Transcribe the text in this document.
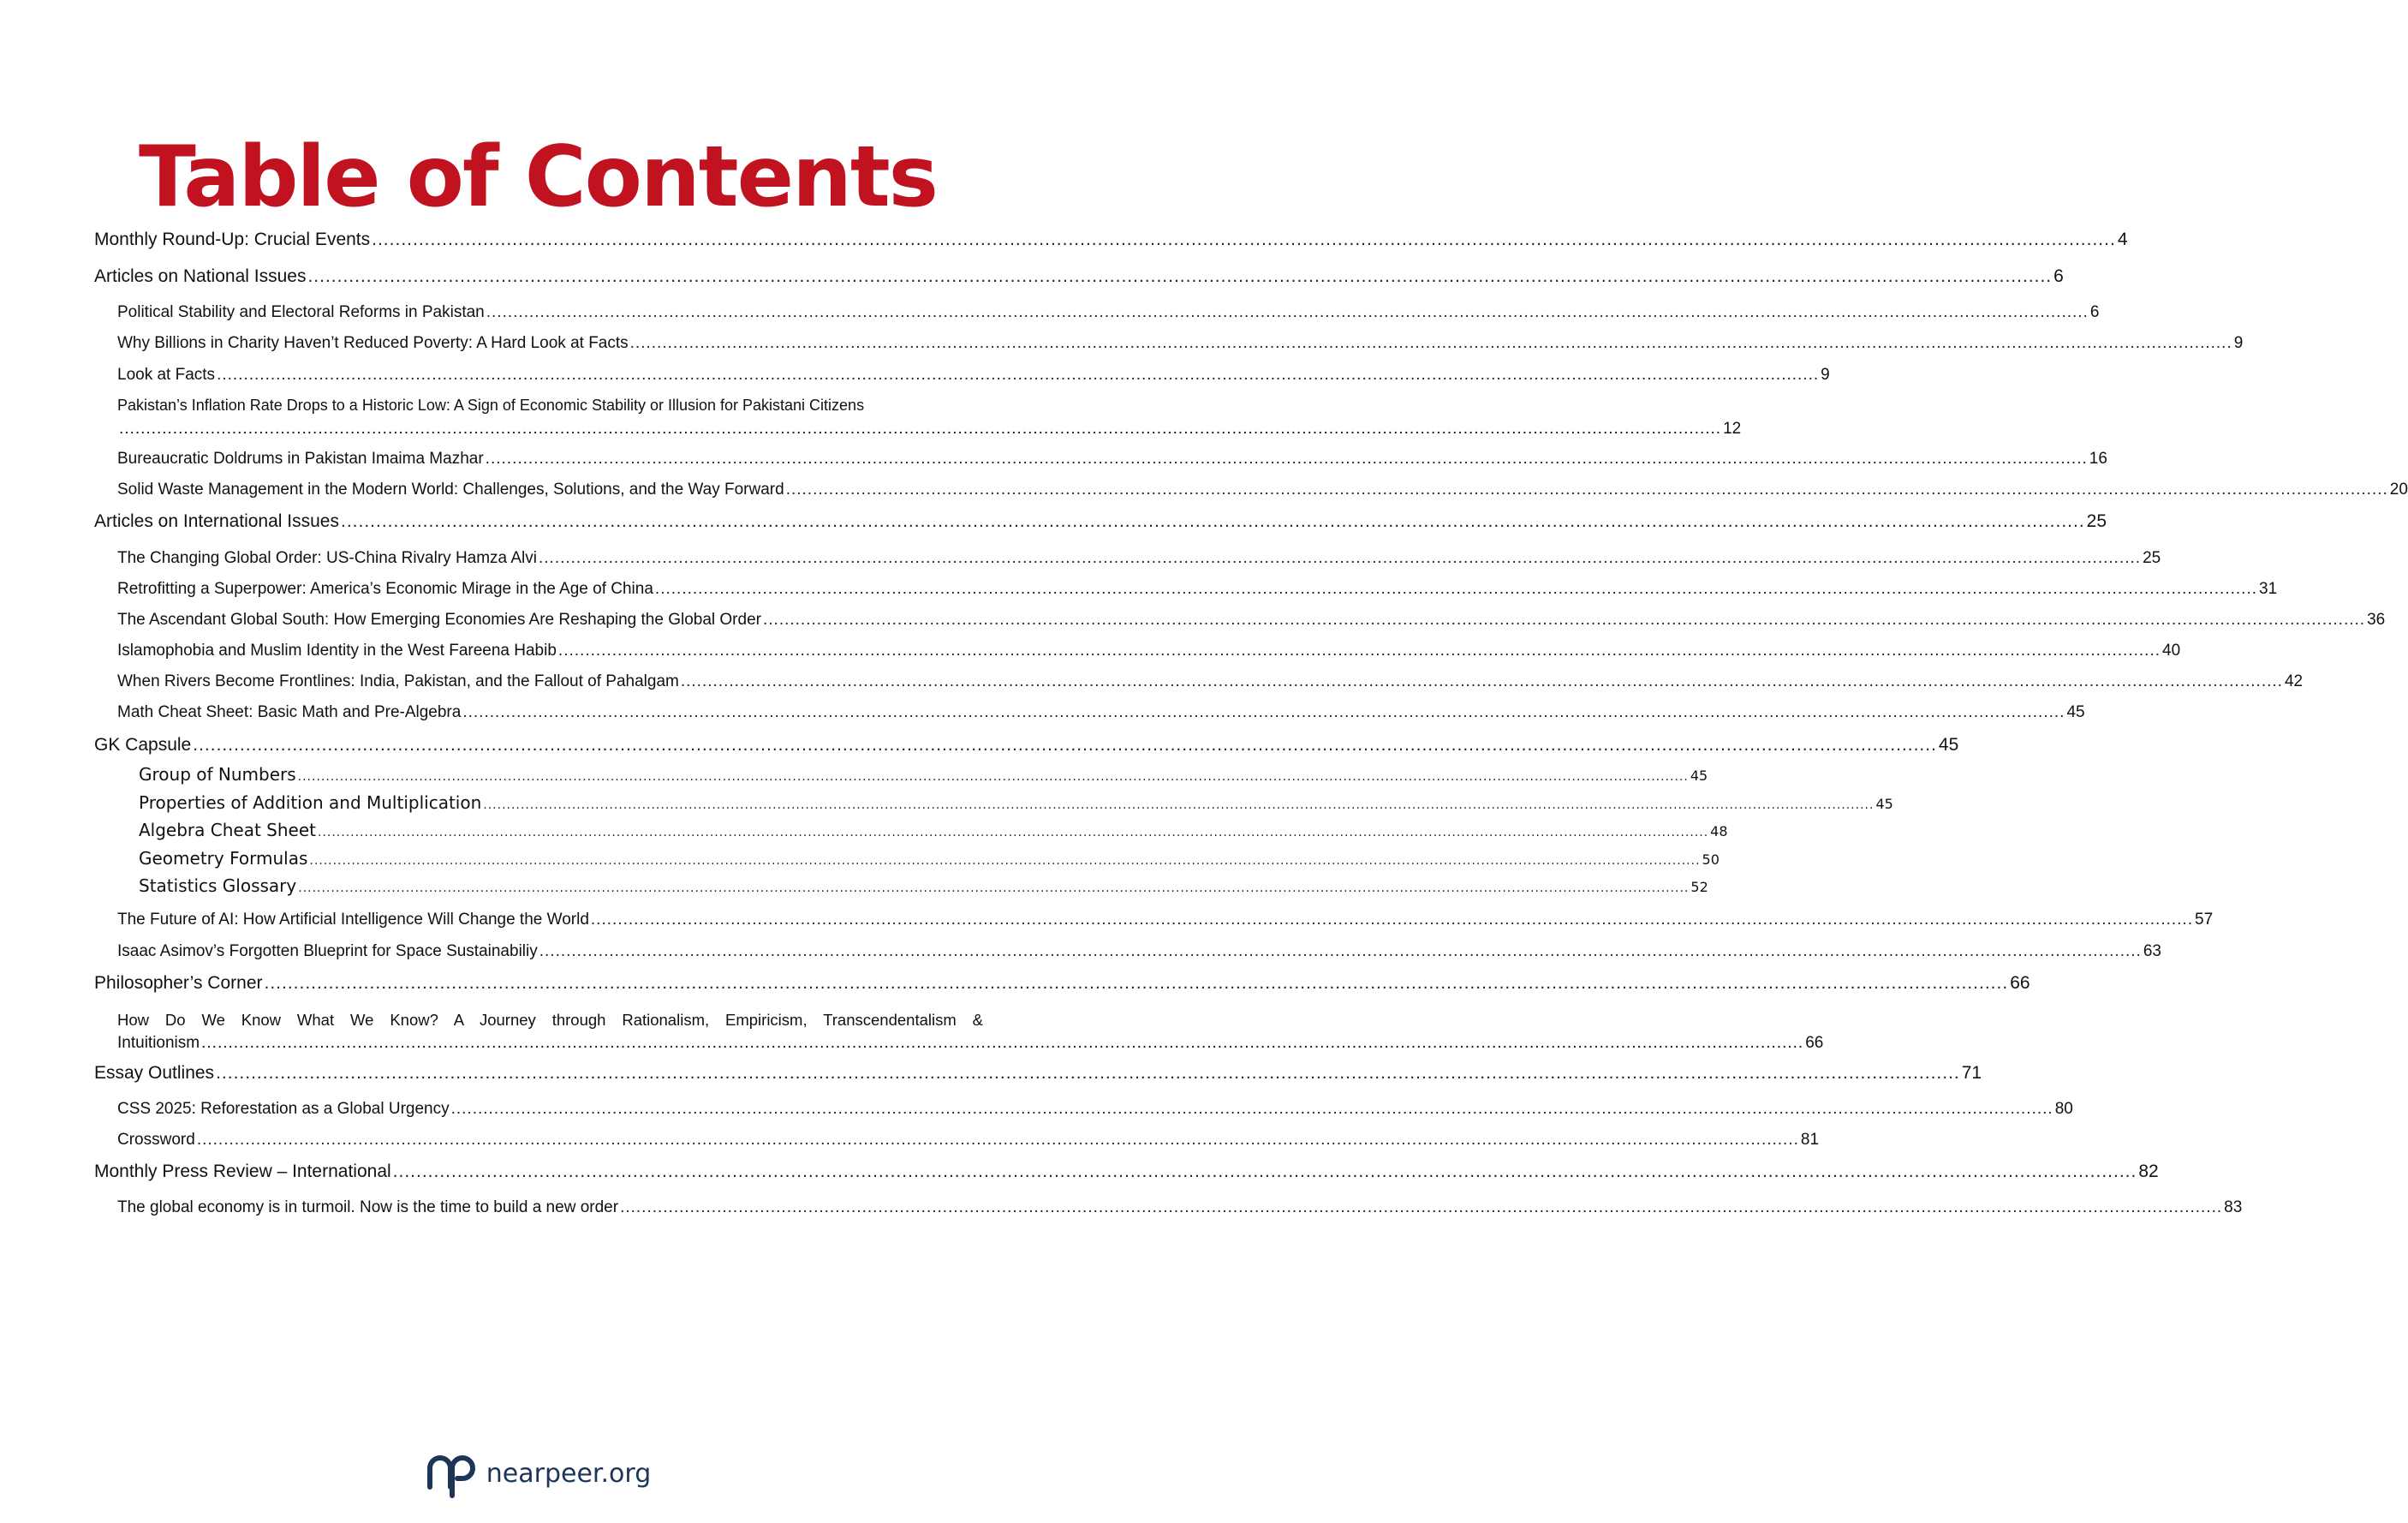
Table of Contents
Monthly Round-Up: Crucial Events .......................................................................................................................................................................................................................................................................................................... 4
Articles on National Issues .......................................................................................................................................................................................................................................................................................................... 6
Political Stability and Electoral Reforms in Pakistan .......................................................................................................................................................................................................................................................................................................... 6
Why Billions in Charity Haven’t Reduced Poverty: A Hard Look at Facts .......................................................................................................................................................................................................................................................................................................... 9
Look at Facts .......................................................................................................................................................................................................................................................................................................... 9
Pakistan’s Inflation Rate Drops to a Historic Low: A Sign of Economic Stability or Illusion for Pakistani Citizens
.......................................................................................................................................................................................................................................................................................................... 12
Bureaucratic Doldrums in Pakistan Imaima Mazhar .......................................................................................................................................................................................................................................................................................................... 16
Solid Waste Management in the Modern World: Challenges, Solutions, and the Way Forward .......................................................................................................................................................................................................................................................................................................... 20
Articles on International Issues .......................................................................................................................................................................................................................................................................................................... 25
The Changing Global Order: US-China Rivalry Hamza Alvi .......................................................................................................................................................................................................................................................................................................... 25
Retrofitting a Superpower: America’s Economic Mirage in the Age of China .......................................................................................................................................................................................................................................................................................................... 31
The Ascendant Global South: How Emerging Economies Are Reshaping the Global Order .......................................................................................................................................................................................................................................................................................................... 36
Islamophobia and Muslim Identity in the West Fareena Habib .......................................................................................................................................................................................................................................................................................................... 40
When Rivers Become Frontlines: India, Pakistan, and the Fallout of Pahalgam .......................................................................................................................................................................................................................................................................................................... 42
Math Cheat Sheet: Basic Math and Pre-Algebra .......................................................................................................................................................................................................................................................................................................... 45
GK Capsule .......................................................................................................................................................................................................................................................................................................... 45
Group of Numbers .......................................................................................................................................................................................................................................................................................................... 45
Properties of Addition and Multiplication .......................................................................................................................................................................................................................................................................................................... 45
Algebra Cheat Sheet .......................................................................................................................................................................................................................................................................................................... 48
Geometry Formulas .......................................................................................................................................................................................................................................................................................................... 50
Statistics Glossary .......................................................................................................................................................................................................................................................................................................... 52
The Future of AI: How Artificial Intelligence Will Change the World .......................................................................................................................................................................................................................................................................................................... 57
Isaac Asimov’s Forgotten Blueprint for Space Sustainabiliy .......................................................................................................................................................................................................................................................................................................... 63
Philosopher’s Corner .......................................................................................................................................................................................................................................................................................................... 66
How Do We Know What We Know? A Journey through Rationalism, Empiricism, Transcendentalism &
Intuitionism .......................................................................................................................................................................................................................................................................................................... 66
Essay Outlines .......................................................................................................................................................................................................................................................................................................... 71
CSS 2025: Reforestation as a Global Urgency .......................................................................................................................................................................................................................................................................................................... 80
Crossword .......................................................................................................................................................................................................................................................................................................... 81
Monthly Press Review – International .......................................................................................................................................................................................................................................................................................................... 82
The global economy is in turmoil. Now is the time to build a new order .......................................................................................................................................................................................................................................................................................................... 83
nearpeer.org
